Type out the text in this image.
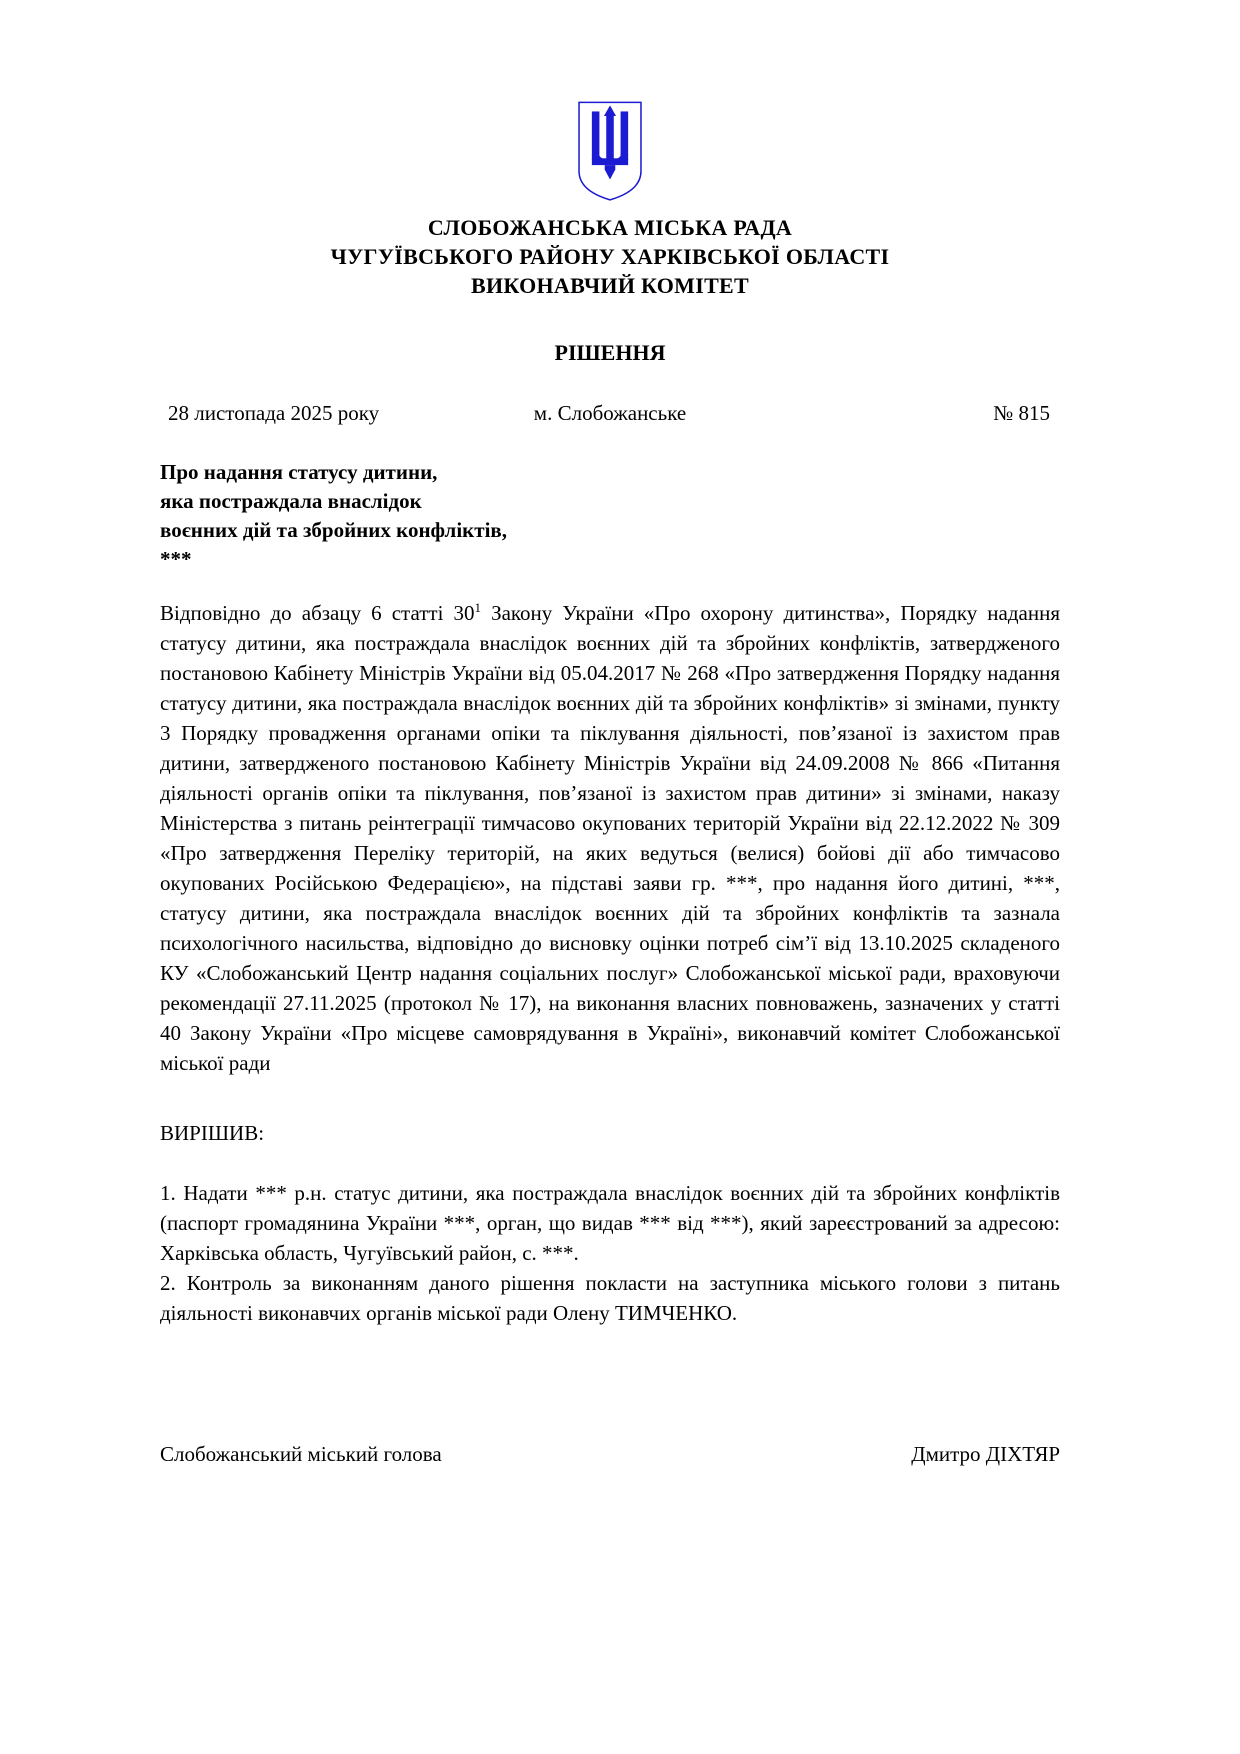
СЛОБОЖАНСЬКА МІСЬКА РАДА
ЧУГУЇВСЬКОГО РАЙОНУ ХАРКІВСЬКОЇ ОБЛАСТІ
ВИКОНАВЧИЙ КОМІТЕТ
РІШЕННЯ
28 листопада 2025 року	м. Слобожанське	№ 815
Про надання статусу дитини,
яка постраждала внаслідок
воєнних дій та збройних конфліктів,
***
Відповідно до абзацу 6 статті $30^1$ Закону України «Про охорону дитинства», Порядку надання статусу дитини, яка постраждала внаслідок воєнних дій та збройних конфліктів, затвердженого постановою Кабінету Міністрів України від 05.04.2017 № 268 «Про затвердження Порядку надання статусу дитини, яка постраждала внаслідок воєнних дій та збройних конфліктів» зі змінами, пункту 3 Порядку провадження органами опіки та піклування діяльності, пов’язаної із захистом прав дитини, затвердженого постановою Кабінету Міністрів України від 24.09.2008 № 866 «Питання діяльності органів опіки та піклування, пов’язаної із захистом прав дитини» зі змінами, наказу Міністерства з питань реінтеграції тимчасово окупованих територій України від 22.12.2022 № 309 «Про затвердження Переліку територій, на яких ведуться (велися) бойові дії або тимчасово окупованих Російською Федерацією», на підставі заяви гр. ***, про надання його дитині, ***, статусу дитини, яка постраждала внаслідок воєнних дій та збройних конфліктів та зазнала психологічного насильства, відповідно до висновку оцінки потреб сім’ї від 13.10.2025 складеного КУ «Слобожанський Центр надання соціальних послуг» Слобожанської міської ради, враховуючи рекомендації 27.11.2025 (протокол № 17), на виконання власних повноважень, зазначених у статті 40 Закону України «Про місцеве самоврядування в Україні», виконавчий комітет Слобожанської міської ради
ВИРІШИВ:
1. Надати *** р.н. статус дитини, яка постраждала внаслідок воєнних дій та збройних конфліктів (паспорт громадянина України ***, орган, що видав *** від ***), який зареєстрований за адресою: Харківська область, Чугуївський район, с. ***.
2. Контроль за виконанням даного рішення покласти на заступника міського голови з питань діяльності виконавчих органів міської ради Олену ТИМЧЕНКО.
Слобожанський міський голова	Дмитро ДІХТЯР
